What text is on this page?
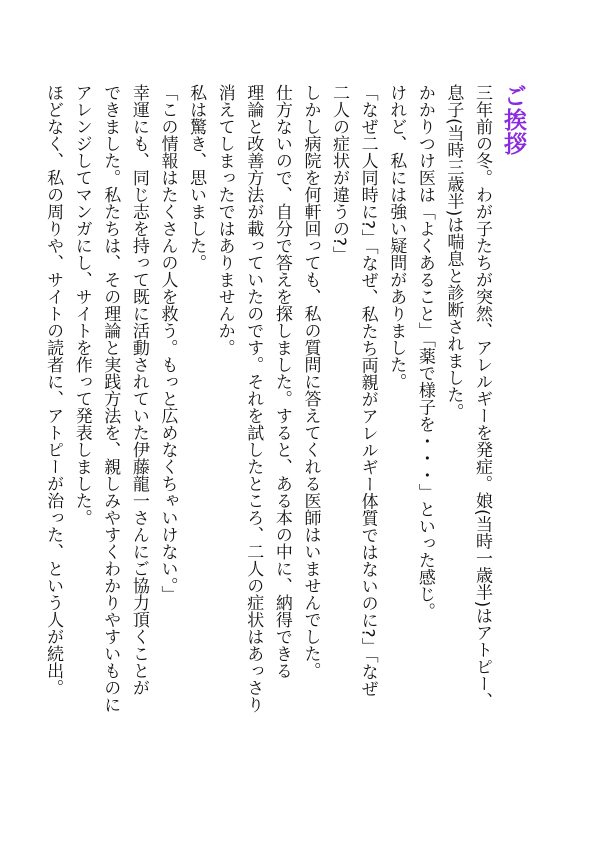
ご挨拶
三年前の冬。わが子たちが突然、アレルギーを発症。娘(当時一歳半)はアトピー、
息子(当時三歳半)は喘息と診断されました。
かかりつけ医は「よくあること」「薬で様子を・・・」といった感じ。
けれど、私には強い疑問がありました。
「なぜ二人同時に?」「なぜ、私たち両親がアレルギー体質ではないのに?」「なぜ
二人の症状が違うの?」
しかし病院を何軒回っても、私の質問に答えてくれる医師はいませんでした。
仕方ないので、自分で答えを探しました。すると、ある本の中に、納得できる
理論と改善方法が載っていたのです。それを試したところ、二人の症状はあっさり
消えてしまったではありませんか。
私は驚き、思いました。
「この情報はたくさんの人を救う。もっと広めなくちゃいけない。」
幸運にも、同じ志を持って既に活動されていた伊藤龍一さんにご協力頂くことが
できました。私たちは、その理論と実践方法を、親しみやすくわかりやすいものに
アレンジしてマンガにし、サイトを作って発表しました。
ほどなく、私の周りや、サイトの読者に、アトピーが治った、という人が続出。
